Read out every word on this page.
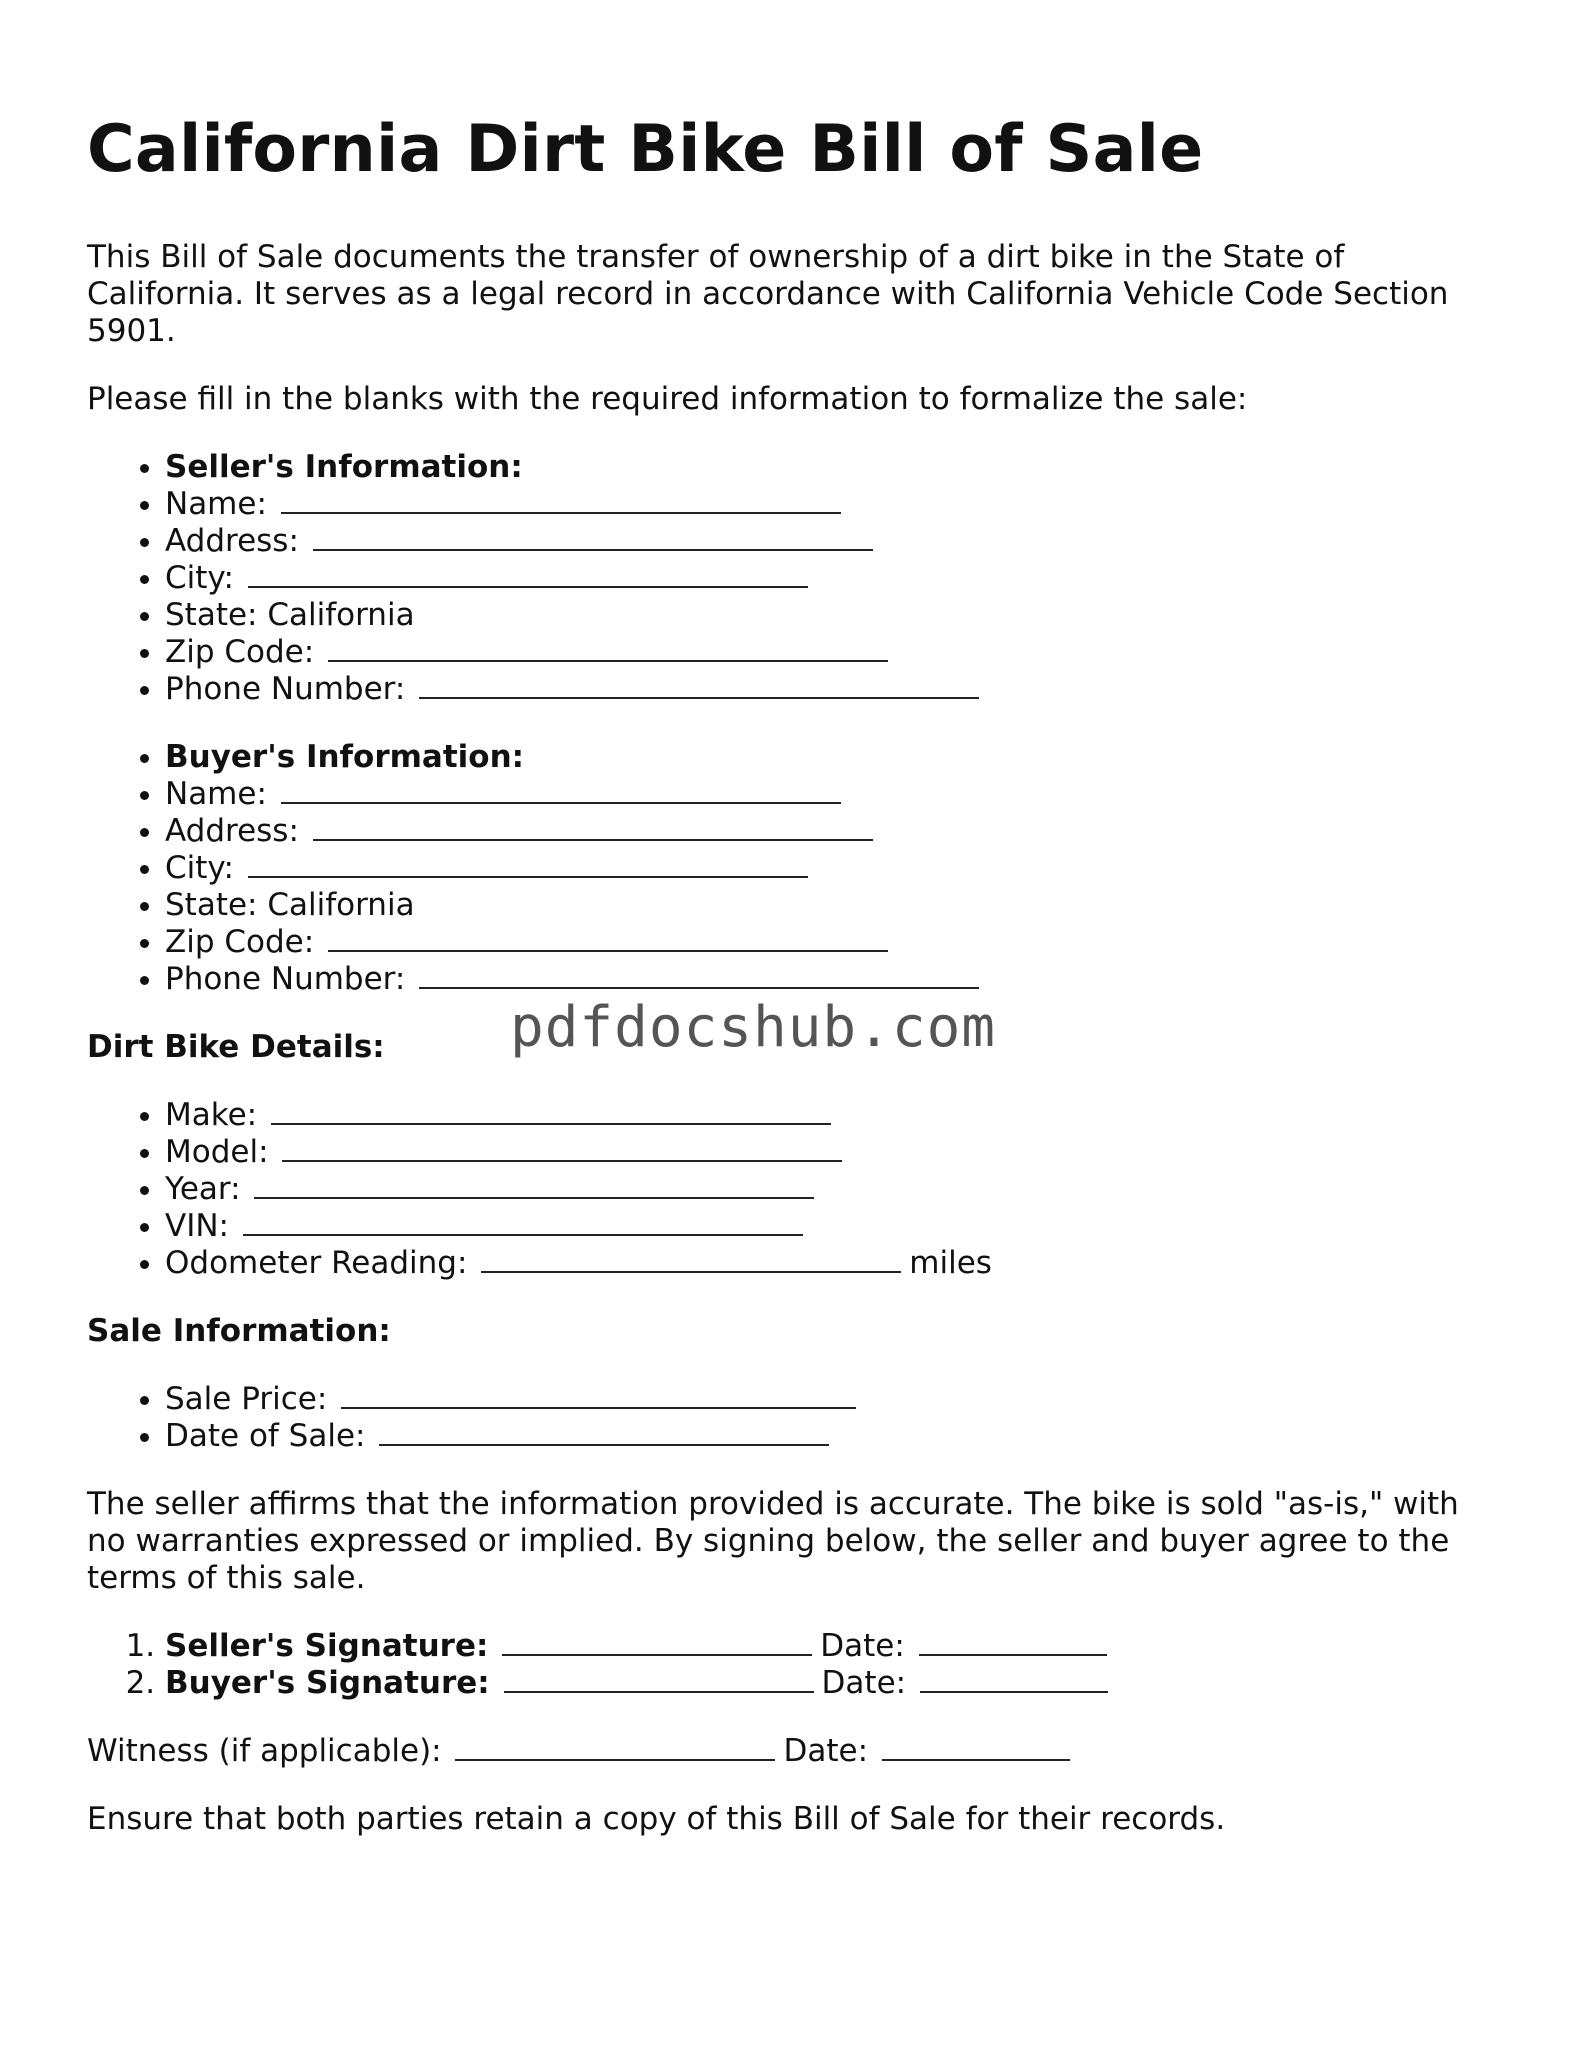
California Dirt Bike Bill of Sale

This Bill of Sale documents the transfer of ownership of a dirt bike in the State of California. It serves as a legal record in accordance with California Vehicle Code Section 5901.

Please fill in the blanks with the required information to formalize the sale:

• Seller's Information:
• Name:
• Address:
• City:
• State: California
• Zip Code:
• Phone Number:
• Buyer's Information:
• Name:
• Address:
• City:
• State: California
• Zip Code:
• Phone Number:
Dirt Bike Details:
• Make:
• Model:
• Year:
• VIN:
• Odometer Reading:	miles
Sale Information:
• Sale Price:
• Date of Sale:

The seller affirms that the information provided is accurate. The bike is sold "as-is," with no warranties expressed or implied. By signing below, the seller and buyer agree to the terms of this sale.

1. Seller's Signature:	Date:
2. Buyer's Signature:	Date:

Witness (if applicable):	Date:

Ensure that both parties retain a copy of this Bill of Sale for their records.

pdfdocshub.com
